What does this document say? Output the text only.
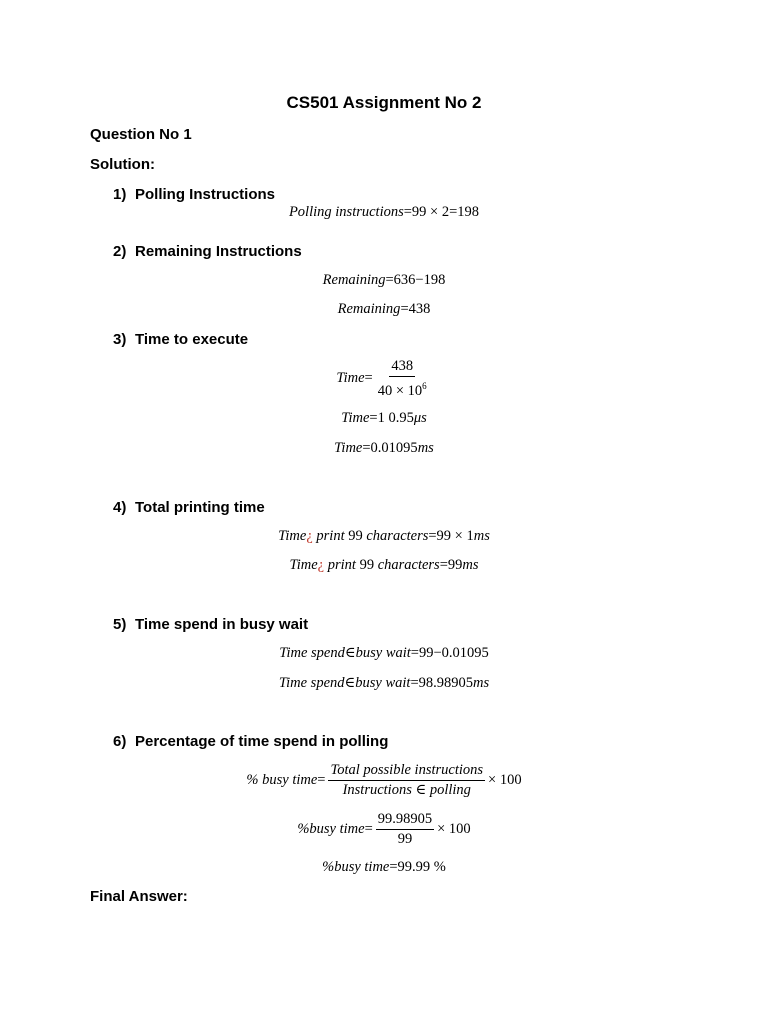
CS501 Assignment No 2
Question No 1
Solution:
1) Polling Instructions
Polling instructions=99 × 2=198
2) Remaining Instructions
Remaining=636−198
Remaining=438
3) Time to execute
Time= $\frac{438}{40 \times 10^6}$
Time=1 0.95μs
Time=0.01095ms
4) Total printing time
Time¿ print 99 characters=99 × 1ms
Time¿ print 99 characters=99ms
5) Time spend in busy wait
Time spend∈busy wait=99−0.01095
Time spend∈busy wait=98.98905ms
6) Percentage of time spend in polling
% busy time= $\frac{\text{Total possible instructions}}{\text{Instructions ∈ polling}} \times 100$
%busy time= $\frac{99.98905}{99} \times 100$
%busy time=99.99 %
Final Answer:
